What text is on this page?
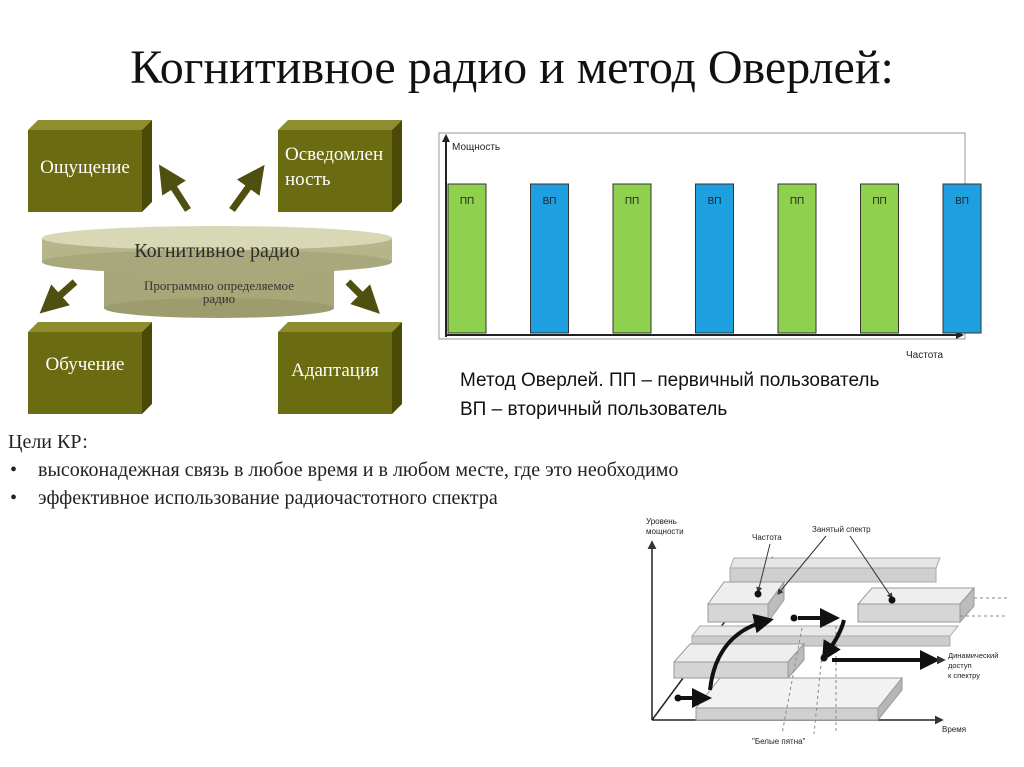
Когнитивное радио и метод Оверлей:
Ощущение
Осведомлен
ность
Обучение	Адаптация
Программно определяемое
радио
Когнитивное радио
Мощность
Частота
ПП	ВП	ПП	ВП	ПП	ПП	ВП
Метод Оверлей. ПП – первичный пользователь
ВП – вторичный пользователь
Цели КР:
• высоконадежная связь в любое время и в любом месте, где это необходимо
• эффективное использование радиочастотного спектра
Уровень
мощности
Частота
Занятый спектр
Динамический
доступ
к спектру
Время
"Белые пятна"
